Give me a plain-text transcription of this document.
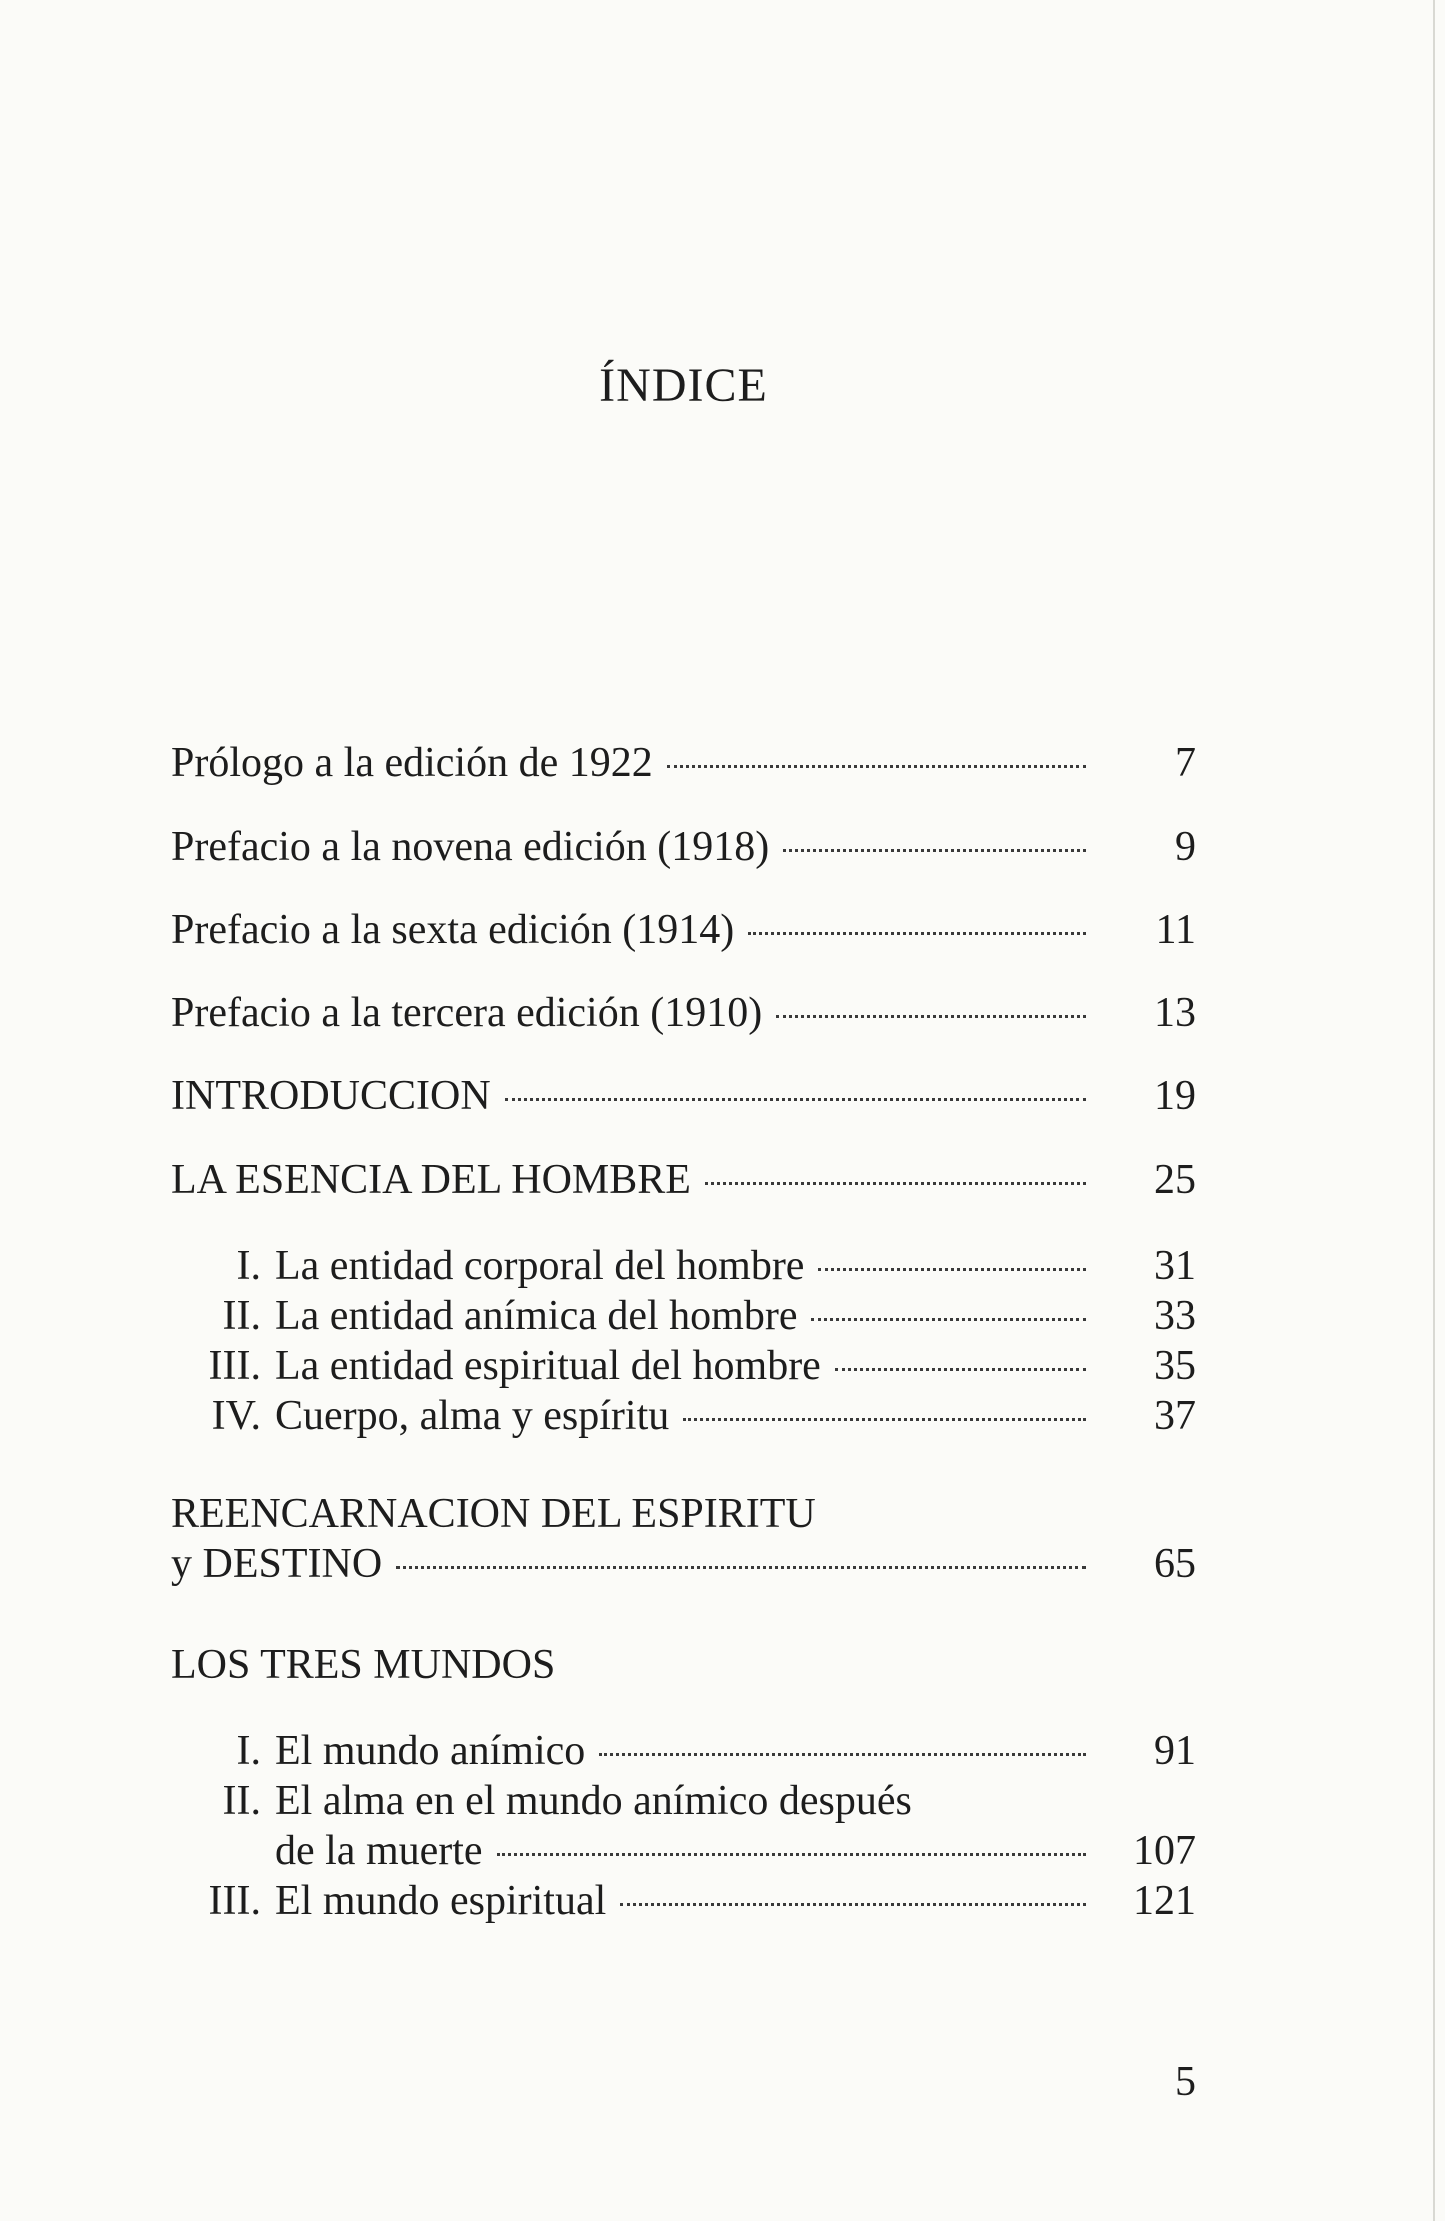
ÍNDICE
Prólogo a la edición de 1922	7
Prefacio a la novena edición (1918)	9
Prefacio a la sexta edición (1914)	11
Prefacio a la tercera edición (1910)	13
INTRODUCCION	19
LA ESENCIA DEL HOMBRE	25
I. La entidad corporal del hombre	31
II. La entidad anímica del hombre	33
III. La entidad espiritual del hombre	35
IV. Cuerpo, alma y espíritu	37
REENCARNACION DEL ESPIRITU
y DESTINO	65
LOS TRES MUNDOS
I. El mundo anímico	91
II. El alma en el mundo anímico después
de la muerte	107
III. El mundo espiritual	121
5
